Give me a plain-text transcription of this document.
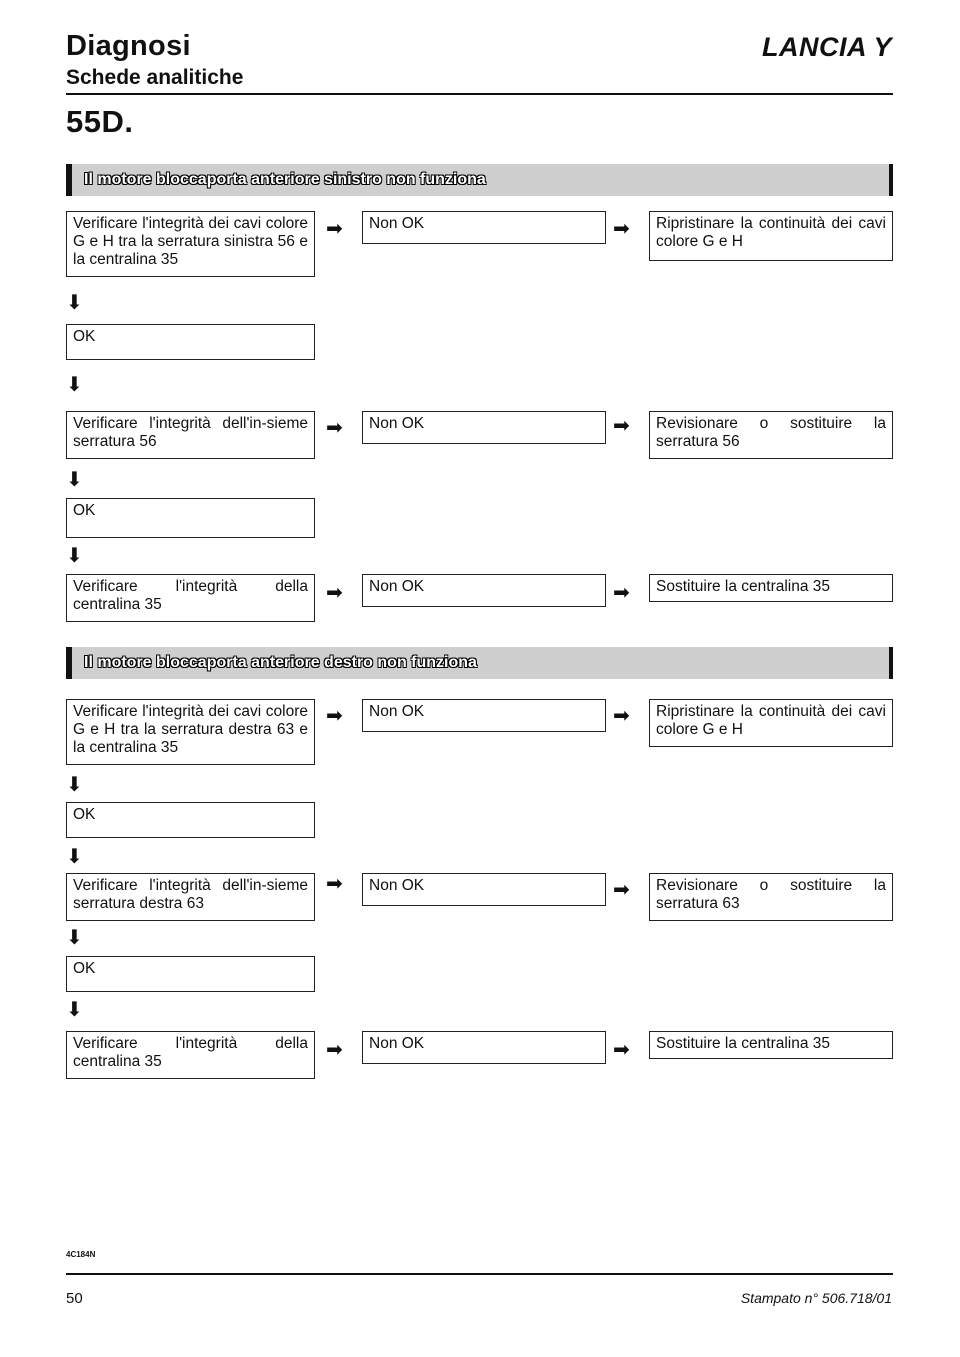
Diagnosi
Schede analitiche
LANCIA Y
55D.
Il motore bloccaporta anteriore sinistro non funziona
Verificare l'integrità dei cavi colore G e H tra la serratura sinistra 56 e la centralina 35
➡	Non OK	➡	Ripristinare la continuità dei cavi colore G e H
⬇
OK
⬇
Verificare l'integrità dell'in-sieme serratura 56
➡	Non OK	➡	Revisionare o sostituire la serratura 56
⬇
OK
⬇
Verificare l'integrità della centralina 35
➡	Non OK	➡	Sostituire la centralina 35
Il motore bloccaporta anteriore destro non funziona
Verificare l'integrità dei cavi colore G e H tra la serratura destra 63 e la centralina 35
➡	Non OK	➡	Ripristinare la continuità dei cavi colore G e H
⬇
OK
⬇
Verificare l'integrità dell'in-sieme serratura destra 63
➡	Non OK	➡	Revisionare o sostituire la serratura 63
⬇
OK
⬇
Verificare l'integrità della centralina 35
➡	Non OK	➡	Sostituire la centralina 35
4C184N
50	Stampato n° 506.718/01
